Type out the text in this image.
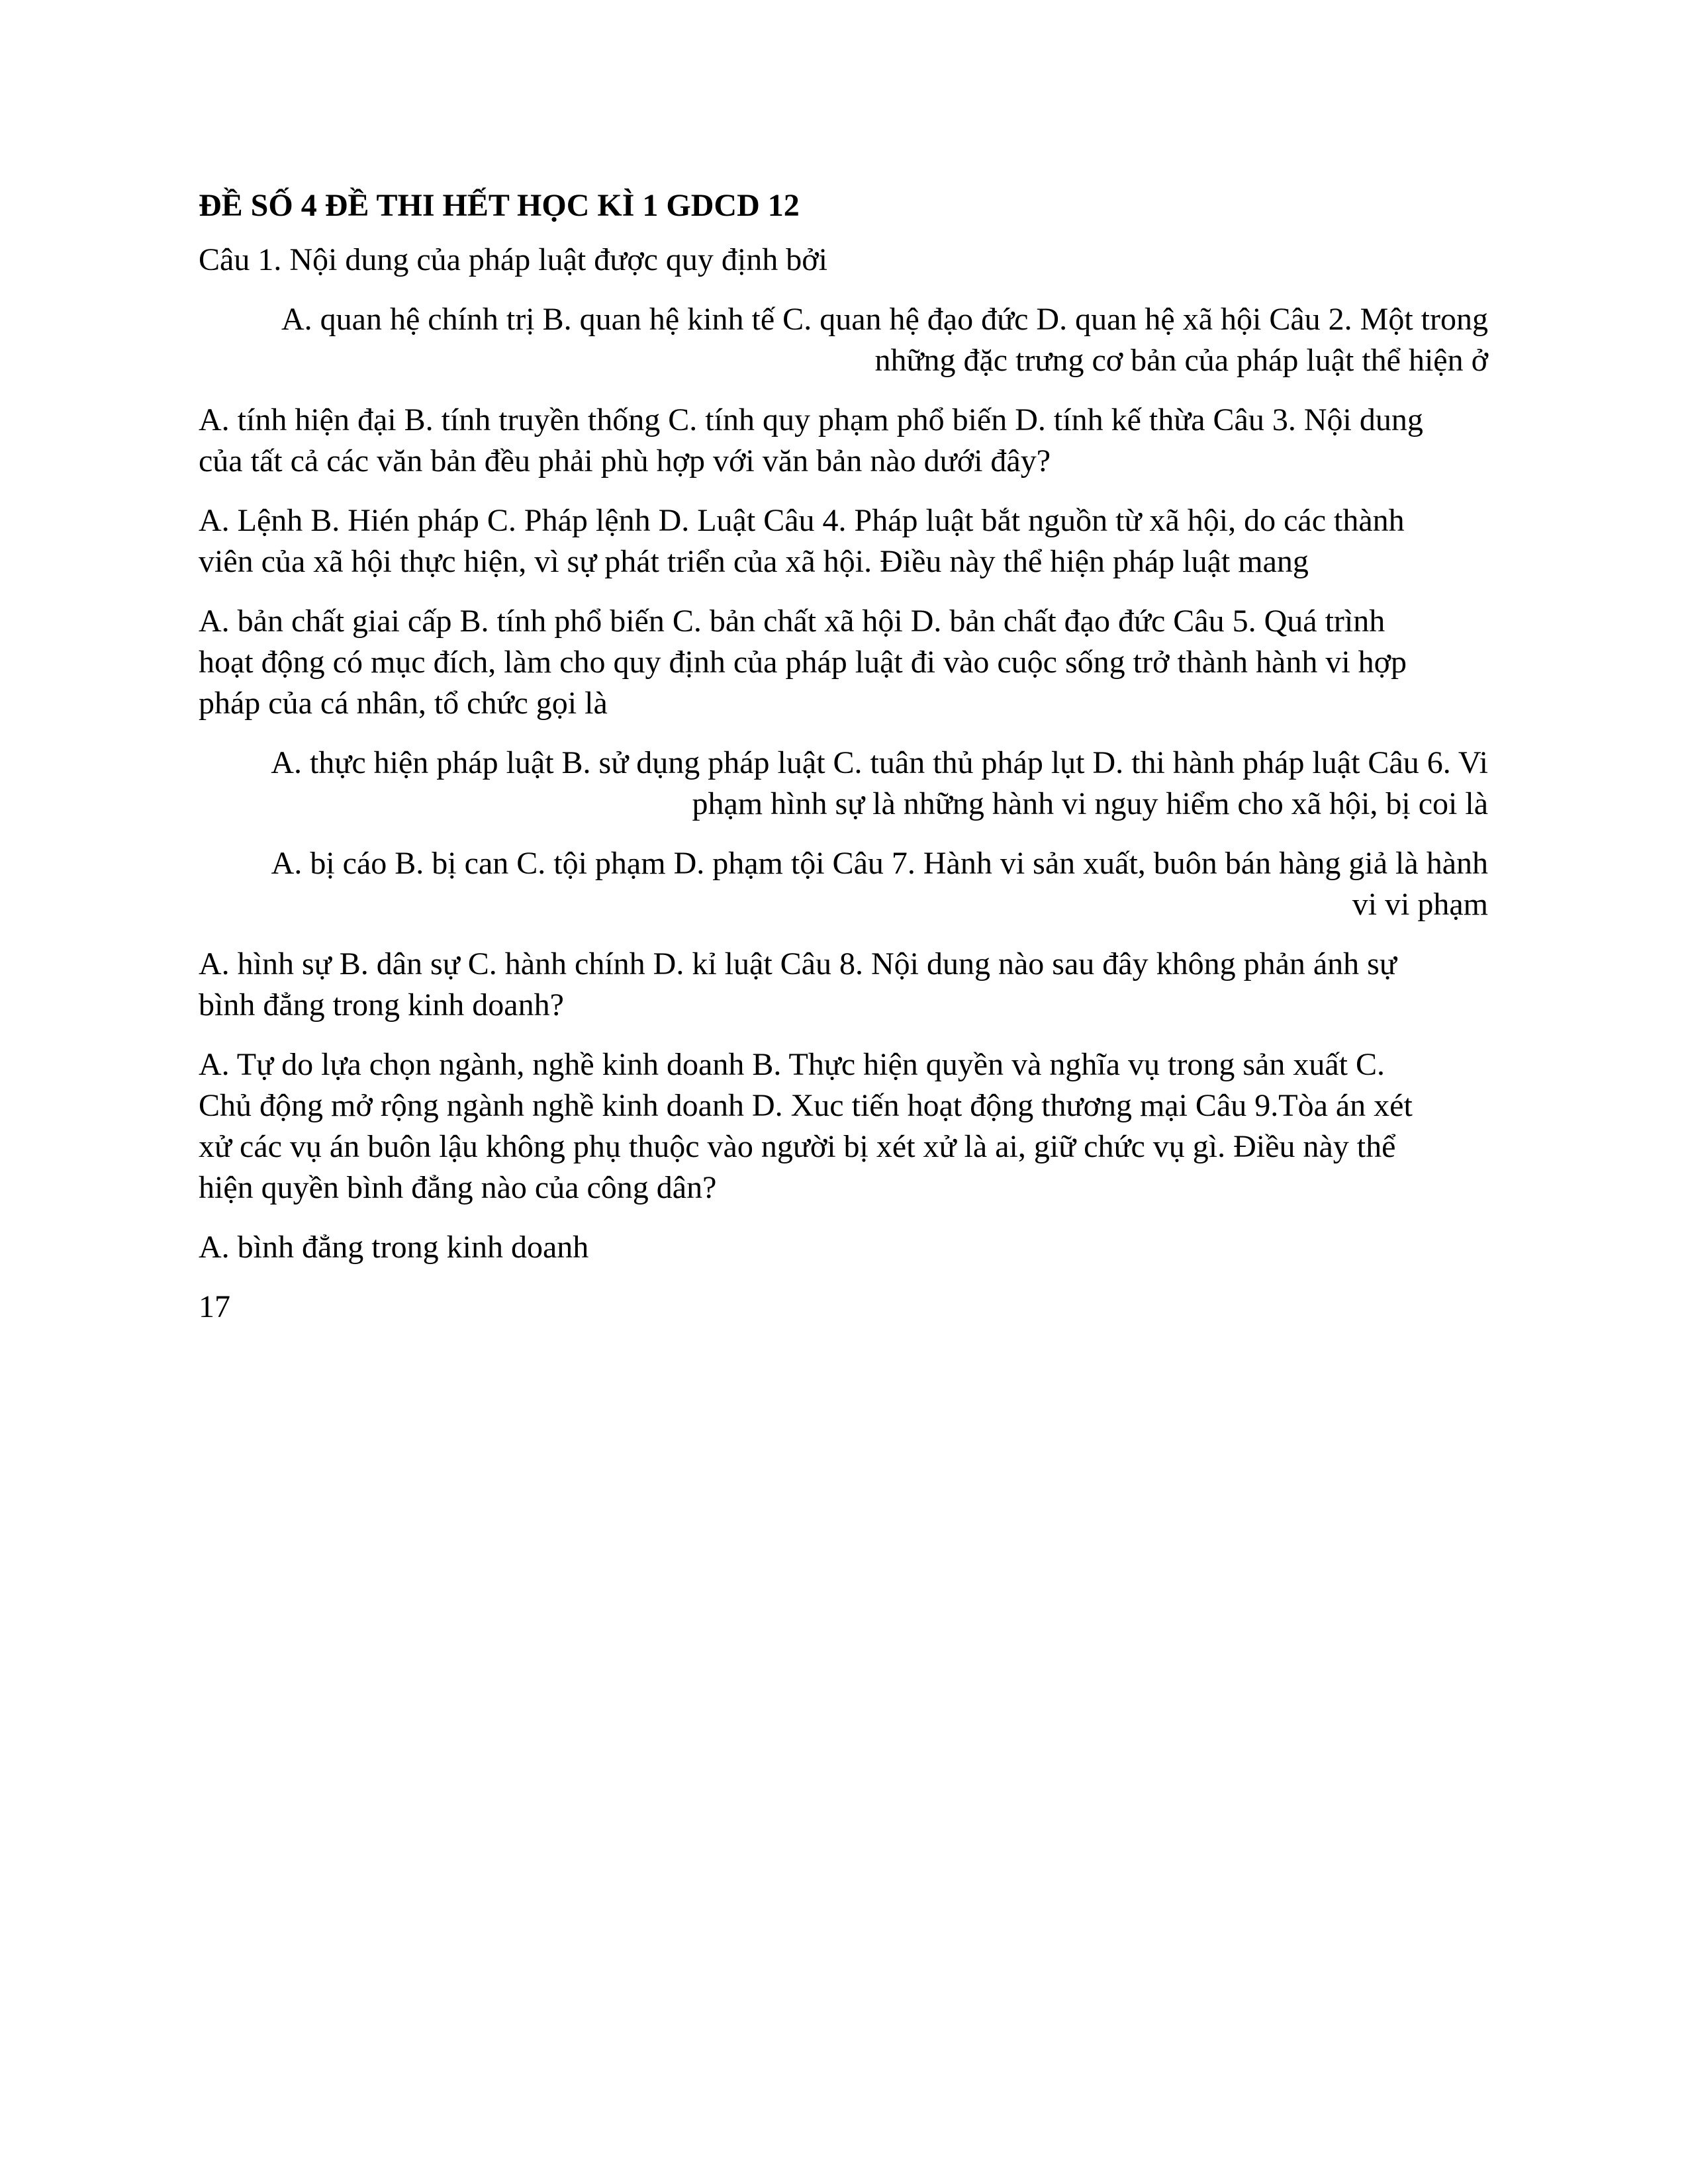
ĐỀ SỐ 4 ĐỀ THI HẾT HỌC KÌ 1 GDCD 12
Câu 1. Nội dung của pháp luật được quy định bởi
A. quan hệ chính trị B. quan hệ kinh tế C. quan hệ đạo đức D. quan hệ xã hội Câu 2. Một trong
những đặc trưng cơ bản của pháp luật thể hiện ở
A. tính hiện đại B. tính truyền thống C. tính quy phạm phổ biến D. tính kế thừa Câu 3. Nội dung
của tất cả các văn bản đều phải phù hợp với văn bản nào dưới đây?
A. Lệnh B. Hién pháp C. Pháp lệnh D. Luật Câu 4. Pháp luật bắt nguồn từ xã hội, do các thành
viên của xã hội thực hiện, vì sự phát triển của xã hội. Điều này thể hiện pháp luật mang
A. bản chất giai cấp B. tính phổ biến C. bản chất xã hội D. bản chất đạo đức Câu 5. Quá trình
hoạt động có mục đích, làm cho quy định của pháp luật đi vào cuộc sống trở thành hành vi hợp
pháp của cá nhân, tổ chức gọi là
A. thực hiện pháp luật B. sử dụng pháp luật C. tuân thủ pháp lụt D. thi hành pháp luật Câu 6. Vi
phạm hình sự là những hành vi nguy hiểm cho xã hội, bị coi là
A. bị cáo B. bị can C. tội phạm D. phạm tội Câu 7. Hành vi sản xuất, buôn bán hàng giả là hành
vi vi phạm
A. hình sự B. dân sự C. hành chính D. kỉ luật Câu 8. Nội dung nào sau đây không phản ánh sự
bình đẳng trong kinh doanh?
A. Tự do lựa chọn ngành, nghề kinh doanh B. Thực hiện quyền và nghĩa vụ trong sản xuất C.
Chủ động mở rộng ngành nghề kinh doanh D. Xuc tiến hoạt động thương mại Câu 9.Tòa án xét
xử các vụ án buôn lậu không phụ thuộc vào người bị xét xử là ai, giữ chức vụ gì. Điều này thể
hiện quyền bình đẳng nào của công dân?
A. bình đẳng trong kinh doanh
17
